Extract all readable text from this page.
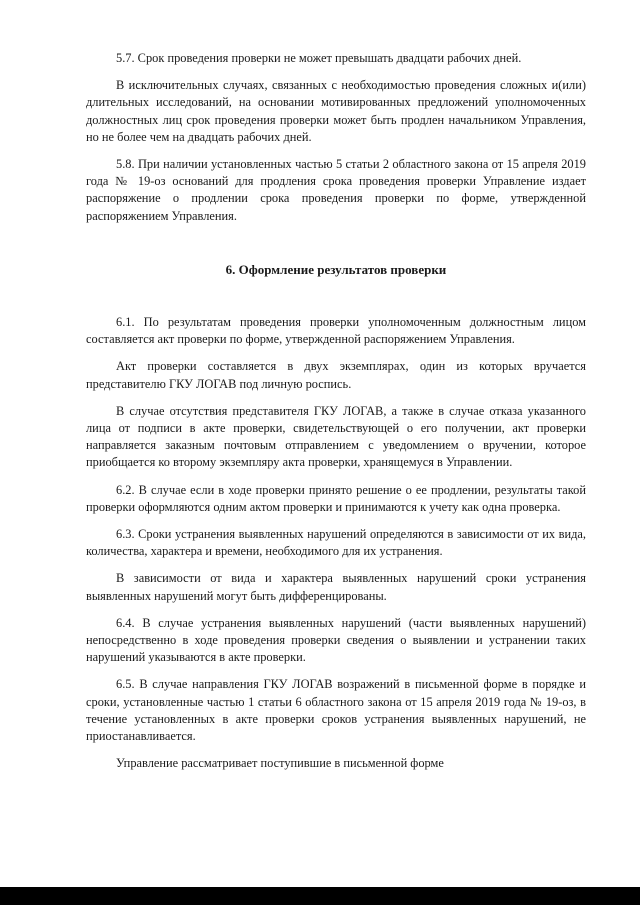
5.7. Срок проведения проверки не может превышать двадцати рабочих дней.

В исключительных случаях, связанных с необходимостью проведения сложных и(или) длительных исследований, на основании мотивированных предложений уполномоченных должностных лиц срок проведения проверки может быть продлен начальником Управления, но не более чем на двадцать рабочих дней.

5.8. При наличии установленных частью 5 статьи 2 областного закона от 15 апреля 2019 года № 19-оз оснований для продления срока проведения проверки Управление издает распоряжение о продлении срока проведения проверки по форме, утвержденной распоряжением Управления.

6. Оформление результатов проверки

6.1. По результатам проведения проверки уполномоченным должностным лицом составляется акт проверки по форме, утвержденной распоряжением Управления.

Акт проверки составляется в двух экземплярах, один из которых вручается представителю ГКУ ЛОГАВ под личную роспись.

В случае отсутствия представителя ГКУ ЛОГАВ, а также в случае отказа указанного лица от подписи в акте проверки, свидетельствующей о его получении, акт проверки направляется заказным почтовым отправлением с уведомлением о вручении, которое приобщается ко второму экземпляру акта проверки, хранящемуся в Управлении.

6.2. В случае если в ходе проверки принято решение о ее продлении, результаты такой проверки оформляются одним актом проверки и принимаются к учету как одна проверка.

6.3. Сроки устранения выявленных нарушений определяются в зависимости от их вида, количества, характера и времени, необходимого для их устранения.

В зависимости от вида и характера выявленных нарушений сроки устранения выявленных нарушений могут быть дифференцированы.

6.4. В случае устранения выявленных нарушений (части выявленных нарушений) непосредственно в ходе проведения проверки сведения о выявлении и устранении таких нарушений указываются в акте проверки.

6.5. В случае направления ГКУ ЛОГАВ возражений в письменной форме в порядке и сроки, установленные частью 1 статьи 6 областного закона от 15 апреля 2019 года № 19-оз, в течение установленных в акте проверки сроков устранения выявленных нарушений, не приостанавливается.

Управление рассматривает поступившие в письменной форме
